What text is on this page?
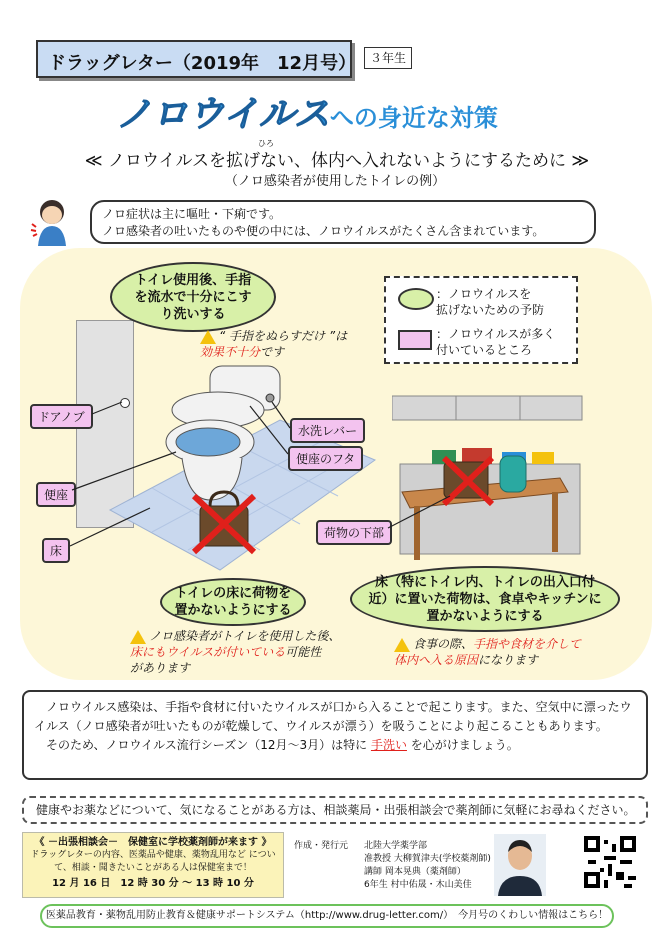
ドラッグレター（2019年　12月号）	３年生
ノロウイルスへの身近な対策
ひろ
≪ ノロウイルスを拡げない、体内へ入れないようにするために ≫
（ノロ感染者が使用したトイレの例）
ノロ症状は主に嘔吐・下痢です。
ノロ感染者の吐いたものや便の中には、ノロウイルスがたくさん含まれています。
：ノロウイルスを
拡げないための予防
：ノロウイルスが多く
付いているところ
トイレ使用後、手指を流水で十分にこすり洗いする
トイレの床に荷物を置かないようにする
床（特にトイレ内、トイレの出入口付近）に置いた荷物は、食卓やキッチンに置かないようにする
“ 手指をぬらすだけ ”は
効果不十分です
ノロ感染者がトイレを使用した後、
床にもウイルスが付いている可能性
があります
食事の際、手指や食材を介して
体内へ入る原因になります
ドアノブ
水洗レバー
便座のフタ
便座
床
荷物の下部
ノロウイルス感染は、手指や食材に付いたウイルスが口から入ることで起こります。また、空気中に漂ったウイルス（ノロ感染者が吐いたものが乾燥して、ウイルスが漂う）を吸うことにより起こることもあります。
そのため、ノロウイルス流行シーズン（12月～3月）は特に 手洗い を心がけましょう。
健康やお薬などについて、気になることがある方は、相談薬局・出張相談会で薬剤師に気軽にお尋ねください。
《 －出張相談会－　保健室に学校薬剤師が来ます 》
ドラッグレターの内容、医薬品や健康、薬物乱用など について、相談・聞きたいことがある人は保健室まで！
12 月 16 日　12 時 30 分 ～ 13 時 10 分
作成・発行元 北陸大学薬学部
准教授 大柳賀津夫(学校薬剤師)
講師 岡本晃典（薬剤師）
6年生 村中佑晟・木山美佳
医薬品教育・薬物乱用防止教育＆健康サポートシステム（http://www.drug-letter.com/）　今月号のくわしい情報はこちら！
